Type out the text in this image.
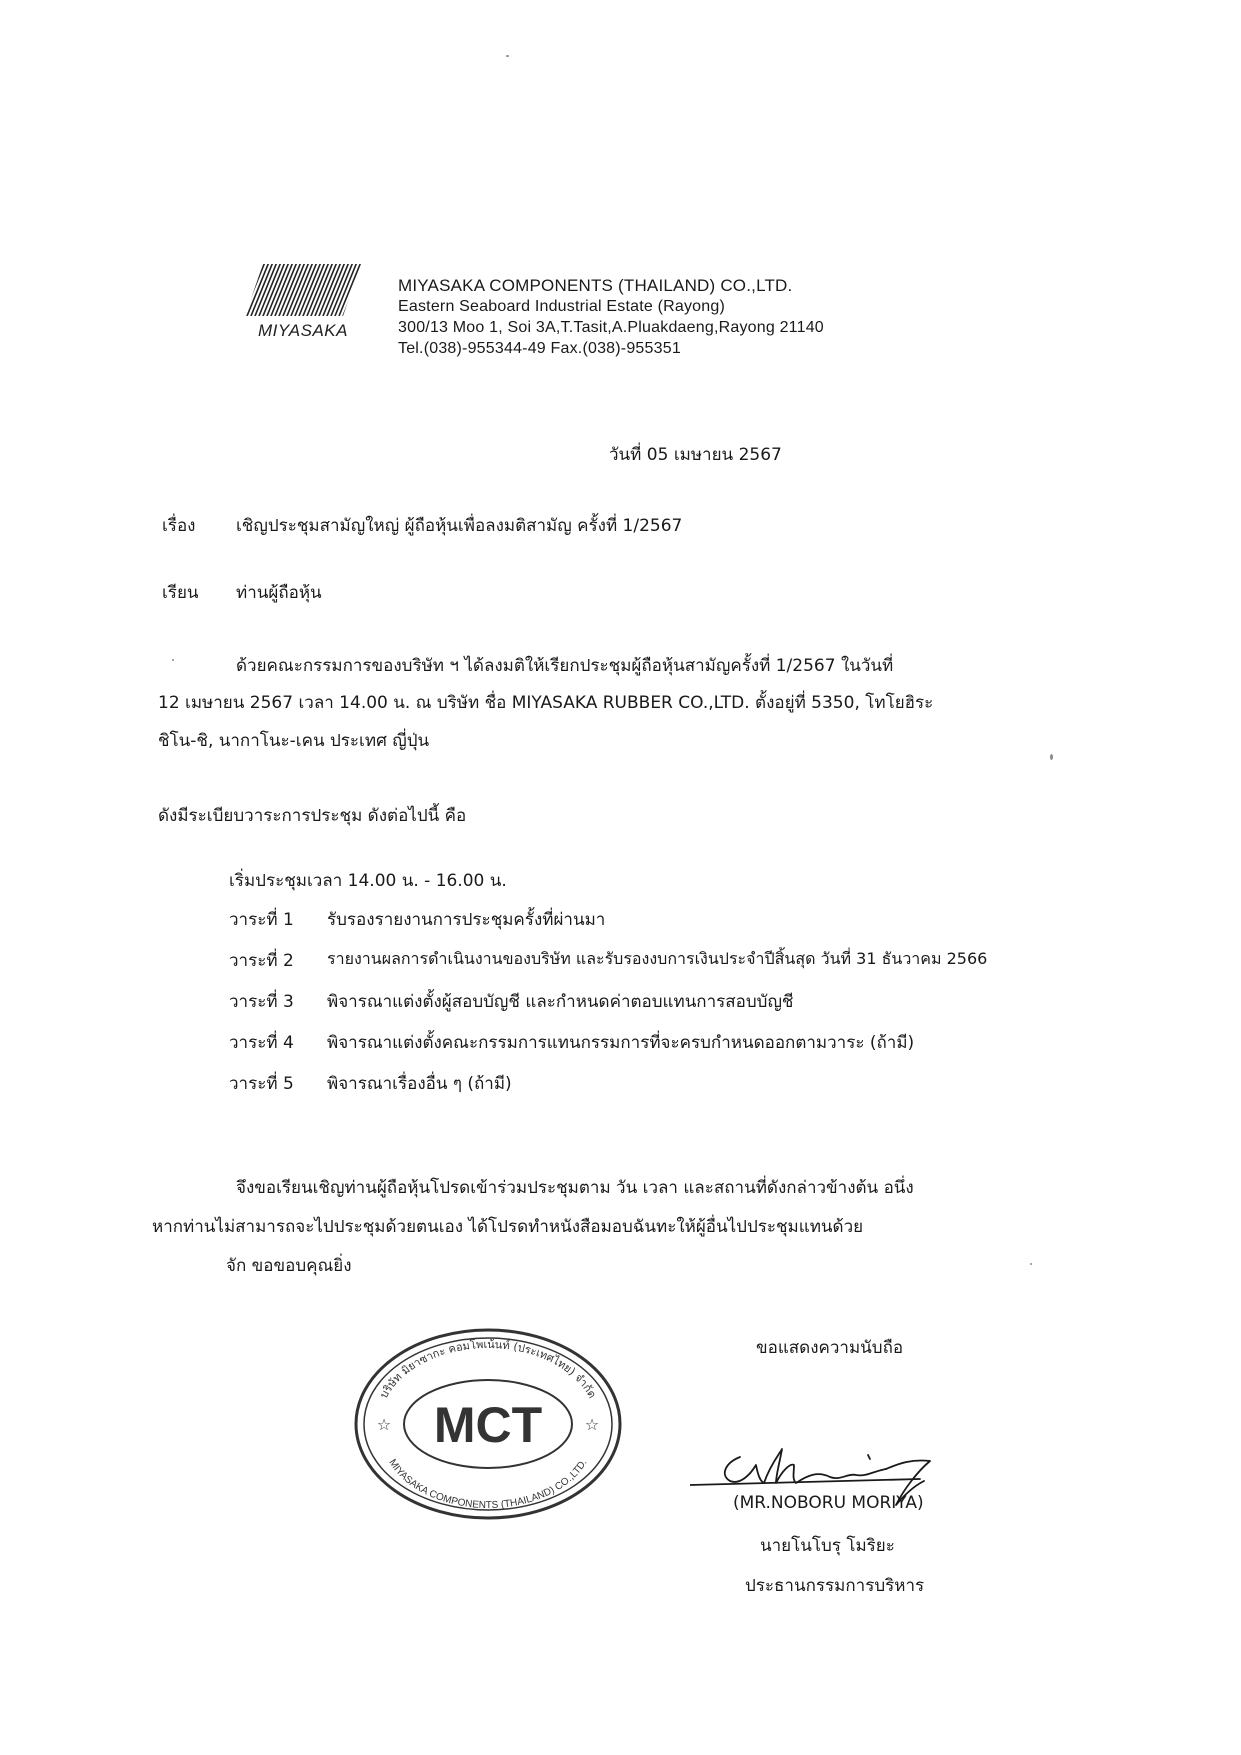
MIYASAKA
MIYASAKA COMPONENTS (THAILAND) CO.,LTD.
Eastern Seaboard Industrial Estate (Rayong)
300/13 Moo 1, Soi 3A,T.Tasit,A.Pluakdaeng,Rayong 21140
Tel.(038)-955344-49 Fax.(038)-955351
วันที่ 05 เมษายน 2567
เรื่อง เชิญประชุมสามัญใหญ่ ผู้ถือหุ้นเพื่อลงมติสามัญ ครั้งที่ 1/2567
เรียน ท่านผู้ถือหุ้น
ด้วยคณะกรรมการของบริษัท ฯ ได้ลงมติให้เรียกประชุมผู้ถือหุ้นสามัญครั้งที่ 1/2567 ในวันที่
12 เมษายน 2567 เวลา 14.00 น. ณ บริษัท ชื่อ MIYASAKA RUBBER CO.,LTD. ตั้งอยู่ที่ 5350, โทโยฮิระ
ชิโน-ชิ, นากาโนะ-เคน ประเทศ ญี่ปุ่น
ดังมีระเบียบวาระการประชุม ดังต่อไปนี้ คือ
เริ่มประชุมเวลา 14.00 น. - 16.00 น.
วาระที่ 1 รับรองรายงานการประชุมครั้งที่ผ่านมา
วาระที่ 2 รายงานผลการดำเนินงานของบริษัท และรับรองงบการเงินประจำปีสิ้นสุด วันที่ 31 ธันวาคม 2566
วาระที่ 3 พิจารณาแต่งตั้งผู้สอบบัญชี และกำหนดค่าตอบแทนการสอบบัญชี
วาระที่ 4 พิจารณาแต่งตั้งคณะกรรมการแทนกรรมการที่จะครบกำหนดออกตามวาระ (ถ้ามี)
วาระที่ 5 พิจารณาเรื่องอื่น ๆ (ถ้ามี)
จึงขอเรียนเชิญท่านผู้ถือหุ้นโปรดเข้าร่วมประชุมตาม วัน เวลา และสถานที่ดังกล่าวข้างต้น อนึ่ง
หากท่านไม่สามารถจะไปประชุมด้วยตนเอง ได้โปรดทำหนังสือมอบฉันทะให้ผู้อื่นไปประชุมแทนด้วย
จัก ขอขอบคุณยิ่ง
ขอแสดงความนับถือ
บริษัท มิยาซากะ คอมโพเน้นท์ (ประเทศไทย) จำกัด
MIYASAKA COMPONENTS (THAILAND) CO.,LTD.
MCT
☆	☆
(MR.NOBORU MORIYA)
นายโนโบรุ โมริยะ
ประธานกรรมการบริหาร
